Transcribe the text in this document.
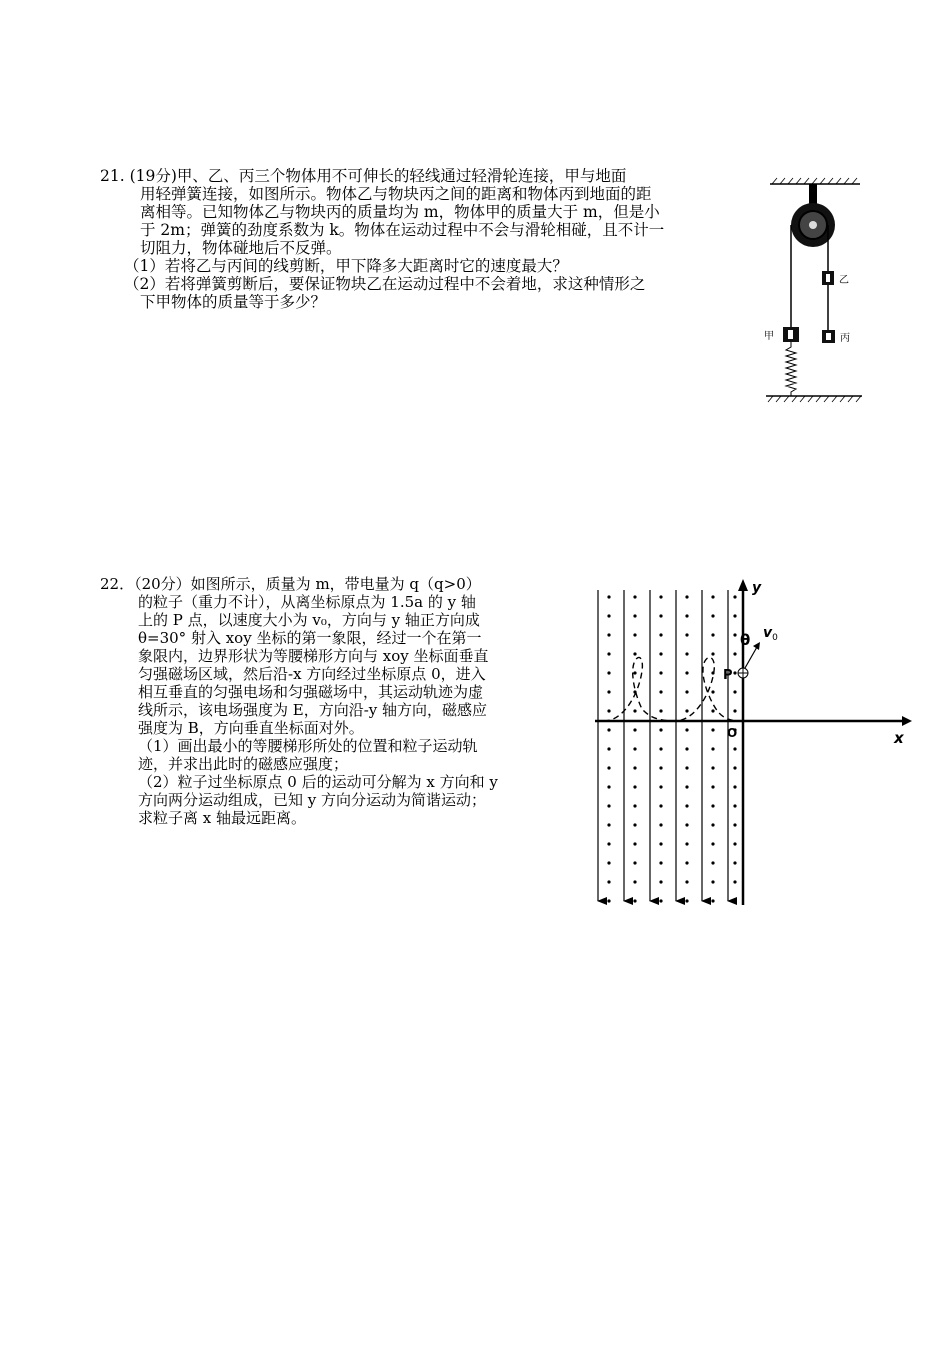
21. (19分)甲、乙、丙三个物体用不可伸长的轻线通过轻滑轮连接，甲与地面

用轻弹簧连接，如图所示。物体乙与物块丙之间的距离和物体丙到地面的距

离相等。已知物体乙与物块丙的质量均为 m，物体甲的质量大于 m，但是小

于 2m；弹簧的劲度系数为 k。物体在运动过程中不会与滑轮相碰，且不计一

切阻力，物体碰地后不反弹。

（1）若将乙与丙间的线剪断，甲下降多大距离时它的速度最大？

（2）若将弹簧剪断后，要保证物块乙在运动过程中不会着地，求这种情形之

下甲物体的质量等于多少？

甲
乙
丙

22．（20分）如图所示，质量为 m，带电量为 q（q>0）

的粒子（重力不计），从离坐标原点为 1.5a 的 y 轴

上的 P 点，以速度大小为 v₀，方向与 y 轴正方向成

θ=30° 射入 xoy 坐标的第一象限，经过一个在第一

象限内，边界形状为等腰梯形方向与 xoy 坐标面垂直

匀强磁场区域，然后沿-x 方向经过坐标原点 0，进入

相互垂直的匀强电场和匀强磁场中，其运动轨迹为虚

线所示，该电场强度为 E，方向沿-y 轴方向，磁感应

强度为 B，方向垂直坐标面对外。

（1）画出最小的等腰梯形所处的位置和粒子运动轨

迹，并求出此时的磁感应强度；

（2）粒子过坐标原点 0 后的运动可分解为 x 方向和 y

方向两分运动组成，已知 y 方向分运动为简谐运动；

求粒子离 x 轴最远距离。

x
y
O
P
$v_0$
θ
